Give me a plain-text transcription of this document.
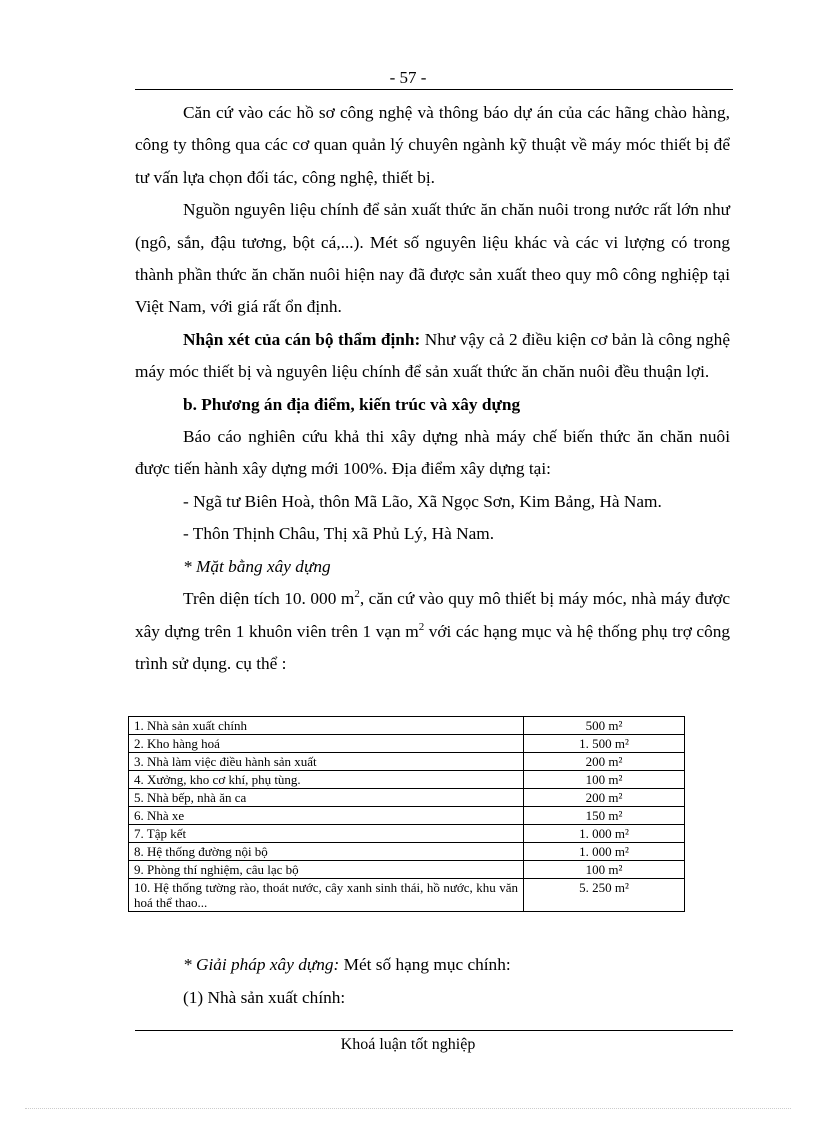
- 57 -

Căn cứ vào các hồ sơ công nghệ và thông báo dự án của các hãng chào hàng, công ty thông qua các cơ quan quản lý chuyên ngành kỹ thuật về máy móc thiết bị để tư vấn lựa chọn đối tác, công nghệ, thiết bị.

Nguồn nguyên liệu chính để sản xuất thức ăn chăn nuôi trong nước rất lớn như (ngô, sắn, đậu tương, bột cá,...). Mét số nguyên liệu khác và các vi lượng có trong thành phần thức ăn chăn nuôi hiện nay đã được sản xuất theo quy mô công nghiệp tại Việt Nam, với giá rất ổn định.

Nhận xét của cán bộ thẩm định: Như vậy cả 2 điều kiện cơ bản là công nghệ máy móc thiết bị và nguyên liệu chính để sản xuất thức ăn chăn nuôi đều thuận lợi.

b. Phương án địa điểm, kiến trúc và xây dựng

Báo cáo nghiên cứu khả thi xây dựng nhà máy chế biến thức ăn chăn nuôi được tiến hành xây dựng mới 100%. Địa điểm xây dựng tại:

- Ngã tư Biên Hoà, thôn Mã Lão, Xã Ngọc Sơn, Kim Bảng, Hà Nam.

- Thôn Thịnh Châu, Thị xã Phủ Lý, Hà Nam.

* Mặt bằng xây dựng

Trên diện tích 10. 000 $m^2$, căn cứ vào quy mô thiết bị máy móc, nhà máy được xây dựng trên 1 khuôn viên trên 1 vạn $m^2$ với các hạng mục và hệ thống phụ trợ công trình sử dụng. cụ thể :

1. Nhà sản xuất chính	500 m²
2. Kho hàng hoá	1. 500 m²
3. Nhà làm việc điều hành sản xuất	200 m²
4. Xưởng, kho cơ khí, phụ tùng.	100 m²
5. Nhà bếp, nhà ăn ca	200 m²
6. Nhà xe	150 m²
7. Tập kết	1. 000 m²
8. Hệ thống đường nội bộ	1. 000 m²
9. Phòng thí nghiệm, câu lạc bộ	100 m²
10. Hệ thống tường rào, thoát nước, cây xanh sinh thái, hồ nước, khu văn hoá thể thao...	5. 250 m²

* Giải pháp xây dựng: Mét số hạng mục chính:

(1) Nhà sản xuất chính:

Khoá luận tốt nghiệp
